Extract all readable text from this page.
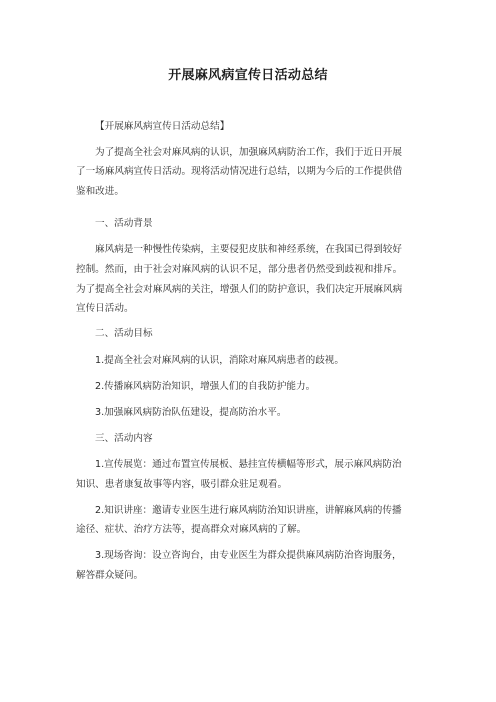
开展麻风病宣传日活动总结
【开展麻风病宣传日活动总结】
为了提高全社会对麻风病的认识，加强麻风病防治工作，我们于近日开展
了一场麻风病宣传日活动。现将活动情况进行总结，以期为今后的工作提供借
鉴和改进。
一、活动背景
麻风病是一种慢性传染病，主要侵犯皮肤和神经系统，在我国已得到较好
控制。然而，由于社会对麻风病的认识不足，部分患者仍然受到歧视和排斥。
为了提高全社会对麻风病的关注，增强人们的防护意识，我们决定开展麻风病
宣传日活动。
二、活动目标
1.提高全社会对麻风病的认识，消除对麻风病患者的歧视。
2.传播麻风病防治知识，增强人们的自我防护能力。
3.加强麻风病防治队伍建设，提高防治水平。
三、活动内容
1.宣传展览：通过布置宣传展板、悬挂宣传横幅等形式，展示麻风病防治
知识、患者康复故事等内容，吸引群众驻足观看。
2.知识讲座：邀请专业医生进行麻风病防治知识讲座，讲解麻风病的传播
途径、症状、治疗方法等，提高群众对麻风病的了解。
3.现场咨询：设立咨询台，由专业医生为群众提供麻风病防治咨询服务，
解答群众疑问。
